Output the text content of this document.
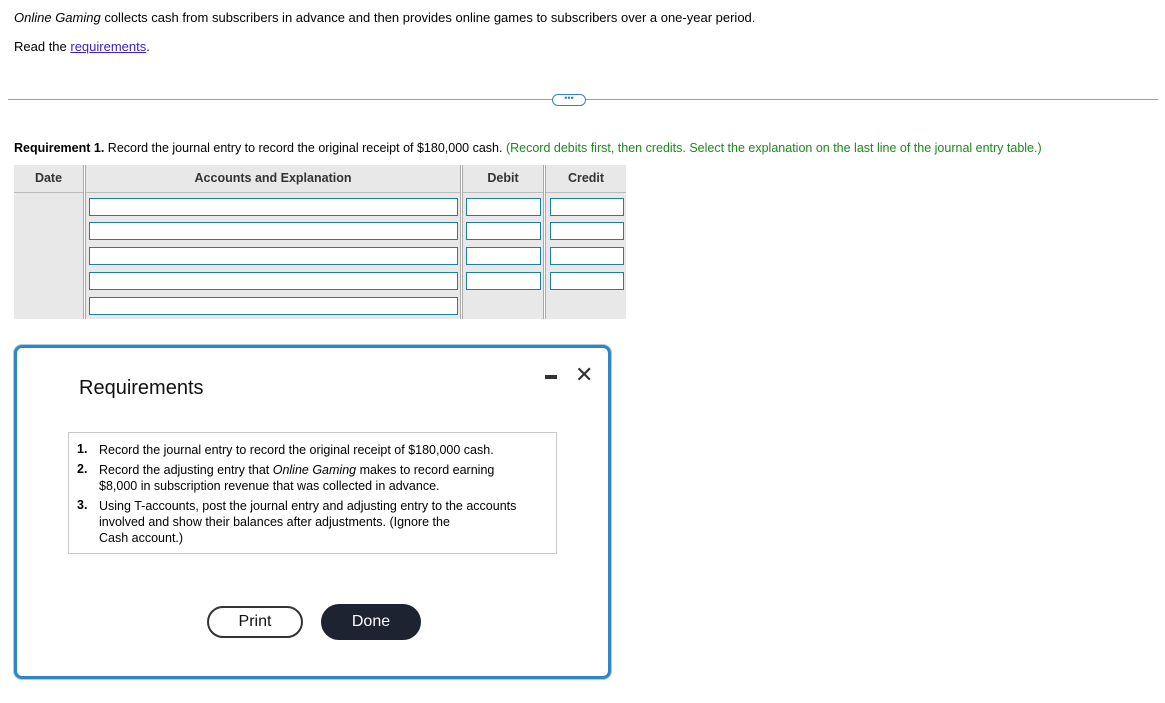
Online Gaming collects cash from subscribers in advance and then provides online games to subscribers over a one-year period.
Read the requirements.
•••
Requirement 1. Record the journal entry to record the original receipt of $180,000 cash. (Record debits first, then credits. Select the explanation on the last line of the journal entry table.)
Date	Accounts and Explanation	Debit	Credit
Requirements
✕
1. Record the journal entry to record the original receipt of $180,000 cash.
2. Record the adjusting entry that Online Gaming makes to record earning
$8,000 in subscription revenue that was collected in advance.
3. Using T-accounts, post the journal entry and adjusting entry to the accounts
involved and show their balances after adjustments. (Ignore the
Cash account.)
Print	Done
